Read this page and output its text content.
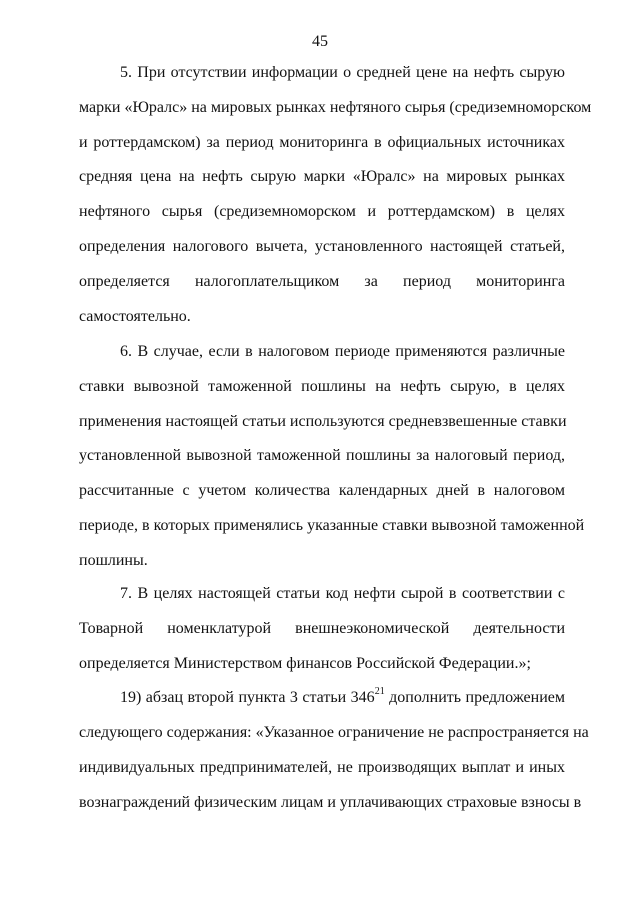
45
5. При отсутствии информации о средней цене на нефть сырую
марки «Юралс» на мировых рынках нефтяного сырья (средиземноморском
и роттердамском) за период мониторинга в официальных источниках
средняя цена на нефть сырую марки «Юралс» на мировых рынках
нефтяного сырья (средиземноморском и роттердамском) в целях
определения налогового вычета, установленного настоящей статьей,
определяется налогоплательщиком за период мониторинга
самостоятельно.
6. В случае, если в налоговом периоде применяются различные
ставки вывозной таможенной пошлины на нефть сырую, в целях
применения настоящей статьи используются средневзвешенные ставки
установленной вывозной таможенной пошлины за налоговый период,
рассчитанные с учетом количества календарных дней в налоговом
периоде, в которых применялись указанные ставки вывозной таможенной
пошлины.
7. В целях настоящей статьи код нефти сырой в соответствии с
Товарной номенклатурой внешнеэкономической деятельности
определяется Министерством финансов Российской Федерации.»;
19) абзац второй пункта 3 статьи $346^{21}$ дополнить предложением
следующего содержания: «Указанное ограничение не распространяется на
индивидуальных предпринимателей, не производящих выплат и иных
вознаграждений физическим лицам и уплачивающих страховые взносы в
